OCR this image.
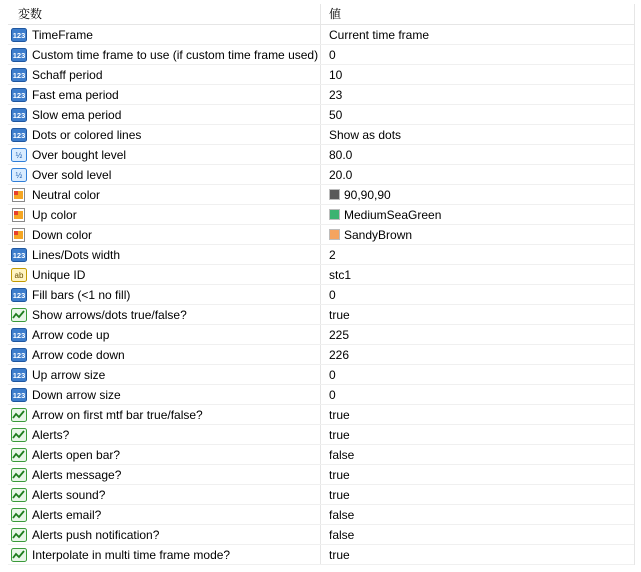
変数	値
123 TimeFrame	Current time frame
123 Custom time frame to use (if custom time frame used) 0
123 Schaff period	10
123 Fast ema period	23
123 Slow ema period	50
123 Dots or colored lines	Show as dots
½ Over bought level	80.0
½ Over sold level	20.0
Neutral color	90,90,90
Up color	MediumSeaGreen
Down color	SandyBrown
123 Lines/Dots width	2
ab Unique ID	stc1
123 Fill bars (<1 no fill)	0
Show arrows/dots true/false?	true
123 Arrow code up	225
123 Arrow code down	226
123 Up arrow size	0
123 Down arrow size	0
Arrow on first mtf bar true/false?	true
Alerts?	true
Alerts open bar?	false
Alerts message?	true
Alerts sound?	true
Alerts email?	false
Alerts push notification?	false
Interpolate in multi time frame mode?	true
